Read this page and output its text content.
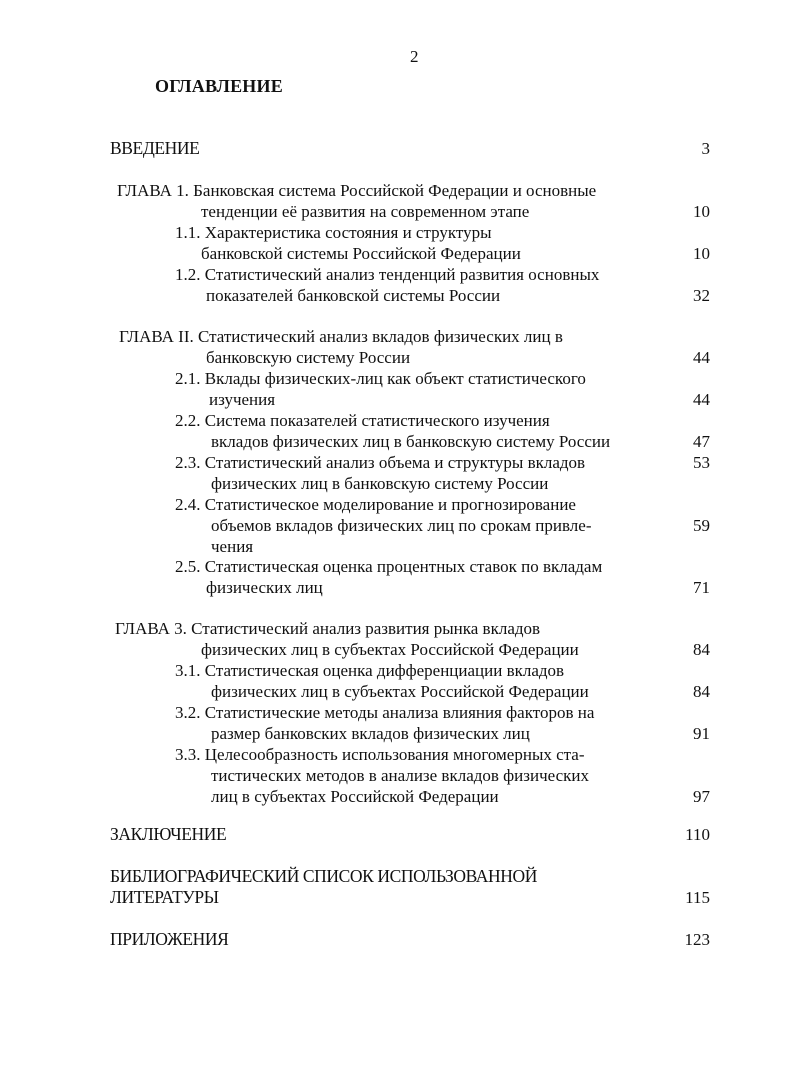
2
ОГЛАВЛЕНИЕ
ВВЕДЕНИЕ	3
ГЛАВА 1. Банковская система Российской Федерации и основные
тенденции её развития на современном этапе	10
1.1. Характеристика состояния и структуры
банковской системы Российской Федерации	10
1.2. Статистический анализ тенденций развития основных
показателей банковской системы России	32
ГЛАВА II. Статистический анализ вкладов физических лиц в
банковскую систему России	44
2.1. Вклады физических-лиц как объект статистического
изучения	44
2.2. Система показателей статистического изучения
вкладов физических лиц в банковскую систему России	47
2.3. Статистический анализ объема и структуры вкладов	53
физических лиц в банковскую систему России
2.4. Статистическое моделирование и прогнозирование
объемов вкладов физических лиц по срокам привле-	59
чения
2.5. Статистическая оценка процентных ставок по вкладам
физических лиц	71
ГЛАВА 3. Статистический анализ развития рынка вкладов
физических лиц в субъектах Российской Федерации	84
3.1. Статистическая оценка дифференциации вкладов
физических лиц в субъектах Российской Федерации	84
3.2. Статистические методы анализа влияния факторов на
размер банковских вкладов физических лиц	91
3.3. Целесообразность использования многомерных ста-
тистических методов в анализе вкладов физических
лиц в субъектах Российской Федерации	97
ЗАКЛЮЧЕНИЕ	110
БИБЛИОГРАФИЧЕСКИЙ СПИСОК ИСПОЛЬЗОВАННОЙ
ЛИТЕРАТУРЫ	115
ПРИЛОЖЕНИЯ	123
